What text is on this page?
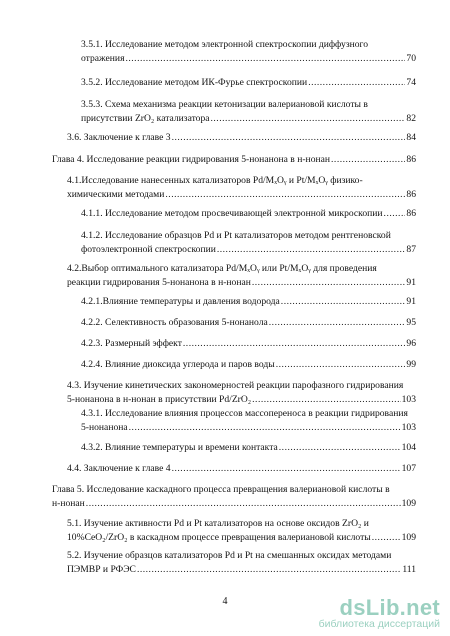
3.5.1. Исследование методом электронной спектроскопии диффузного
отражения .....	70
3.5.2. Исследование методом ИК-Фурье спектроскопии .....	74
3.5.3. Схема механизма реакции кетонизации валериановой кислоты в
присутствии ZrO₂ катализатора .....	82
3.6. Заключение к главе 3 .....	84
Глава 4. Исследование реакции гидрирования 5-нонанона в н-нонан .....	86
4.1.Исследование нанесенных катализаторов Pd/MₓOᵧ и Pt/MₓOᵧ физико-
химическими методами .....	86
4.1.1. Исследование методом просвечивающей электронной микроскопии ..... 86
4.1.2. Исследование образцов Pd и Pt катализаторов методом рентгеновской
фотоэлектронной спектроскопии .....	87
4.2.Выбор оптимального катализатора Pd/MₓOᵧ или Pt/MₓOᵧ для проведения
реакции гидрирования 5-нонанона в н-нонан .....	91
4.2.1.Влияние температуры и давления водорода .....	91
4.2.2. Селективность образования 5-нонанола .....	95
4.2.3. Размерный эффект .....	96
4.2.4. Влияние диоксида углерода и паров воды .....	99
4.3. Изучение кинетических закономерностей реакции парофазного гидрирования
5-нонанона в н-нонан в присутствии Pd/ZrO₂ .....	103
4.3.1. Исследование влияния процессов массопереноса в реакции гидрирования
5-нонанона .....	103
4.3.2. Влияние температуры и времени контакта .....	104
4.4. Заключение к главе 4 .....	107
Глава 5. Исследование каскадного процесса превращения валериановой кислоты в
н-нонан .....	109
5.1. Изучение активности Pd и Pt катализаторов на основе оксидов ZrO₂ и
10%CeO₂/ZrO₂ в каскадном процессе превращения валериановой кислоты .....	109
5.2. Изучение образцов катализаторов Pd и Pt на смешанных оксидах методами
ПЭМВР и РФЭС .....	111
4	dsLib.net
библиотека диссертаций
